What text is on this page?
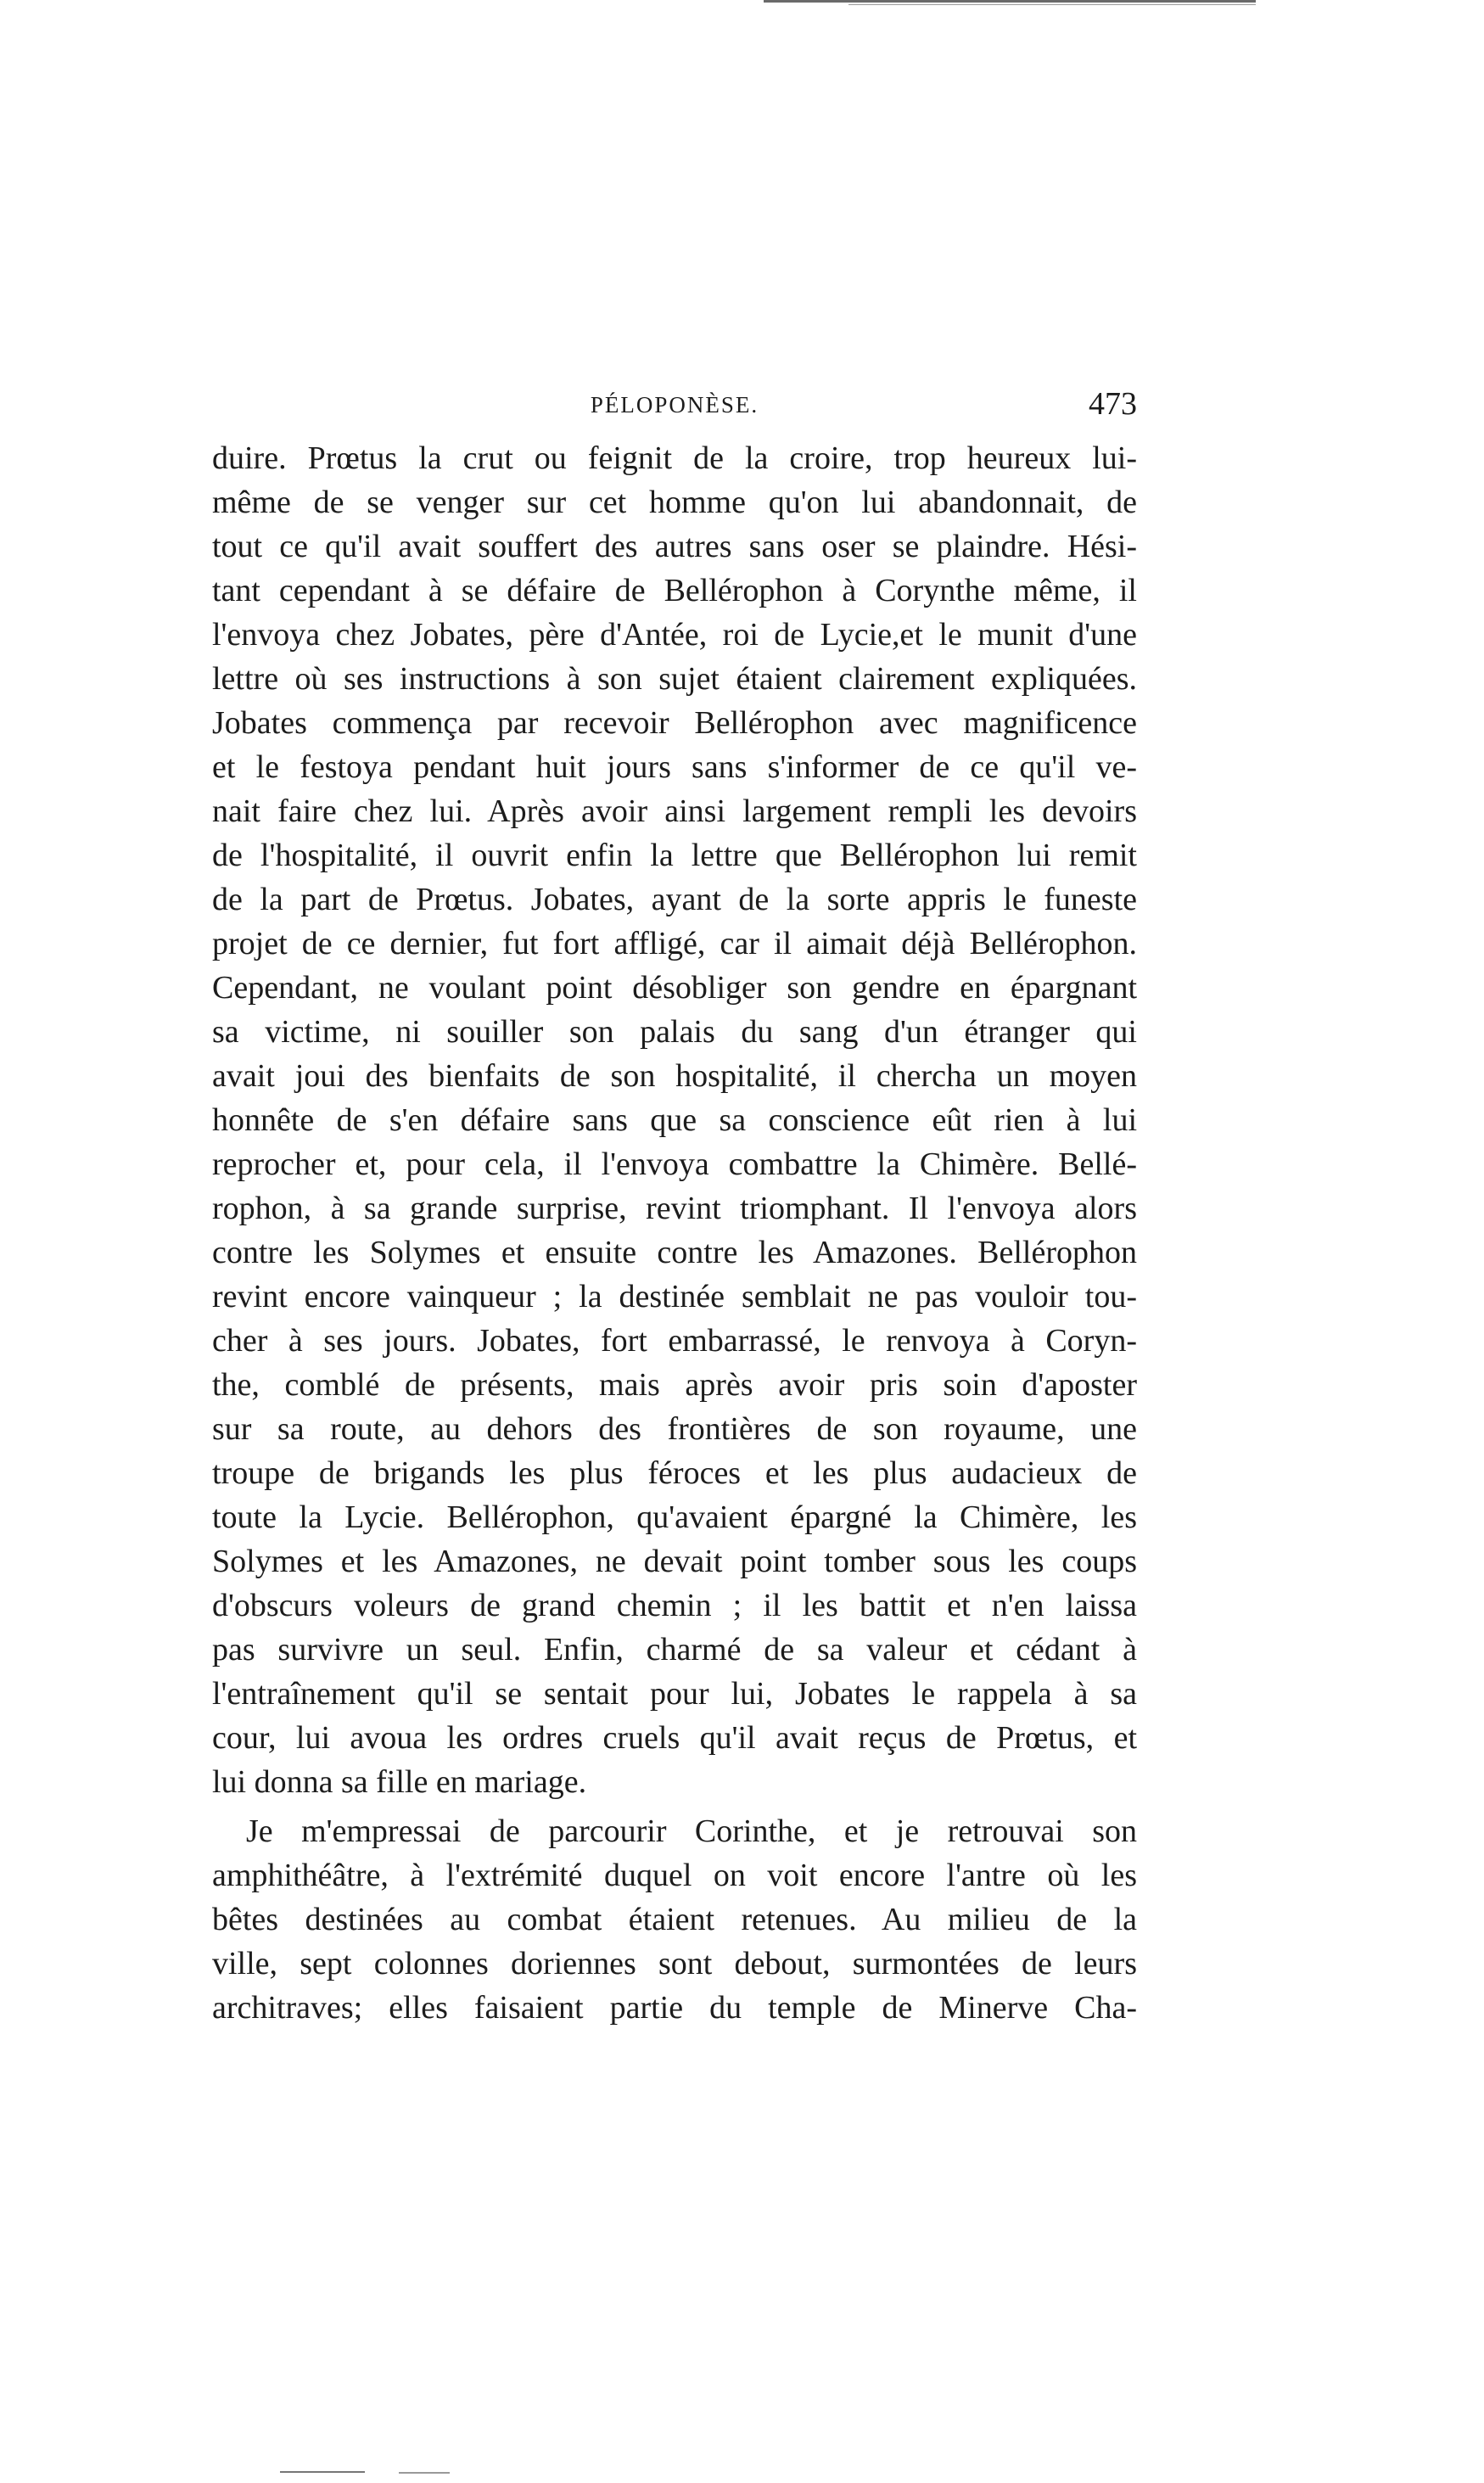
PÉLOPONÈSE.	473
duire. Prœtus la crut ou feignit de la croire, trop heureux lui-
même de se venger sur cet homme qu'on lui abandonnait, de
tout ce qu'il avait souffert des autres sans oser se plaindre. Hési-
tant cependant à se défaire de Bellérophon à Corynthe même, il
l'envoya chez Jobates, père d'Antée, roi de Lycie,et le munit d'une
lettre où ses instructions à son sujet étaient clairement expliquées.
Jobates commença par recevoir Bellérophon avec magnificence
et le festoya pendant huit jours sans s'informer de ce qu'il ve-
nait faire chez lui. Après avoir ainsi largement rempli les devoirs
de l'hospitalité, il ouvrit enfin la lettre que Bellérophon lui remit
de la part de Prœtus. Jobates, ayant de la sorte appris le funeste
projet de ce dernier, fut fort affligé, car il aimait déjà Bellérophon.
Cependant, ne voulant point désobliger son gendre en épargnant
sa victime, ni souiller son palais du sang d'un étranger qui
avait joui des bienfaits de son hospitalité, il chercha un moyen
honnête de s'en défaire sans que sa conscience eût rien à lui
reprocher et, pour cela, il l'envoya combattre la Chimère. Bellé-
rophon, à sa grande surprise, revint triomphant. Il l'envoya alors
contre les Solymes et ensuite contre les Amazones. Bellérophon
revint encore vainqueur ; la destinée semblait ne pas vouloir tou-
cher à ses jours. Jobates, fort embarrassé, le renvoya à Coryn-
the, comblé de présents, mais après avoir pris soin d'aposter
sur sa route, au dehors des frontières de son royaume, une
troupe de brigands les plus féroces et les plus audacieux de
toute la Lycie. Bellérophon, qu'avaient épargné la Chimère, les
Solymes et les Amazones, ne devait point tomber sous les coups
d'obscurs voleurs de grand chemin ; il les battit et n'en laissa
pas survivre un seul. Enfin, charmé de sa valeur et cédant à
l'entraînement qu'il se sentait pour lui, Jobates le rappela à sa
cour, lui avoua les ordres cruels qu'il avait reçus de Prœtus, et
lui donna sa fille en mariage.
Je m'empressai de parcourir Corinthe, et je retrouvai son
amphithéâtre, à l'extrémité duquel on voit encore l'antre où les
bêtes destinées au combat étaient retenues. Au milieu de la
ville, sept colonnes doriennes sont debout, surmontées de leurs
architraves; elles faisaient partie du temple de Minerve Cha-
